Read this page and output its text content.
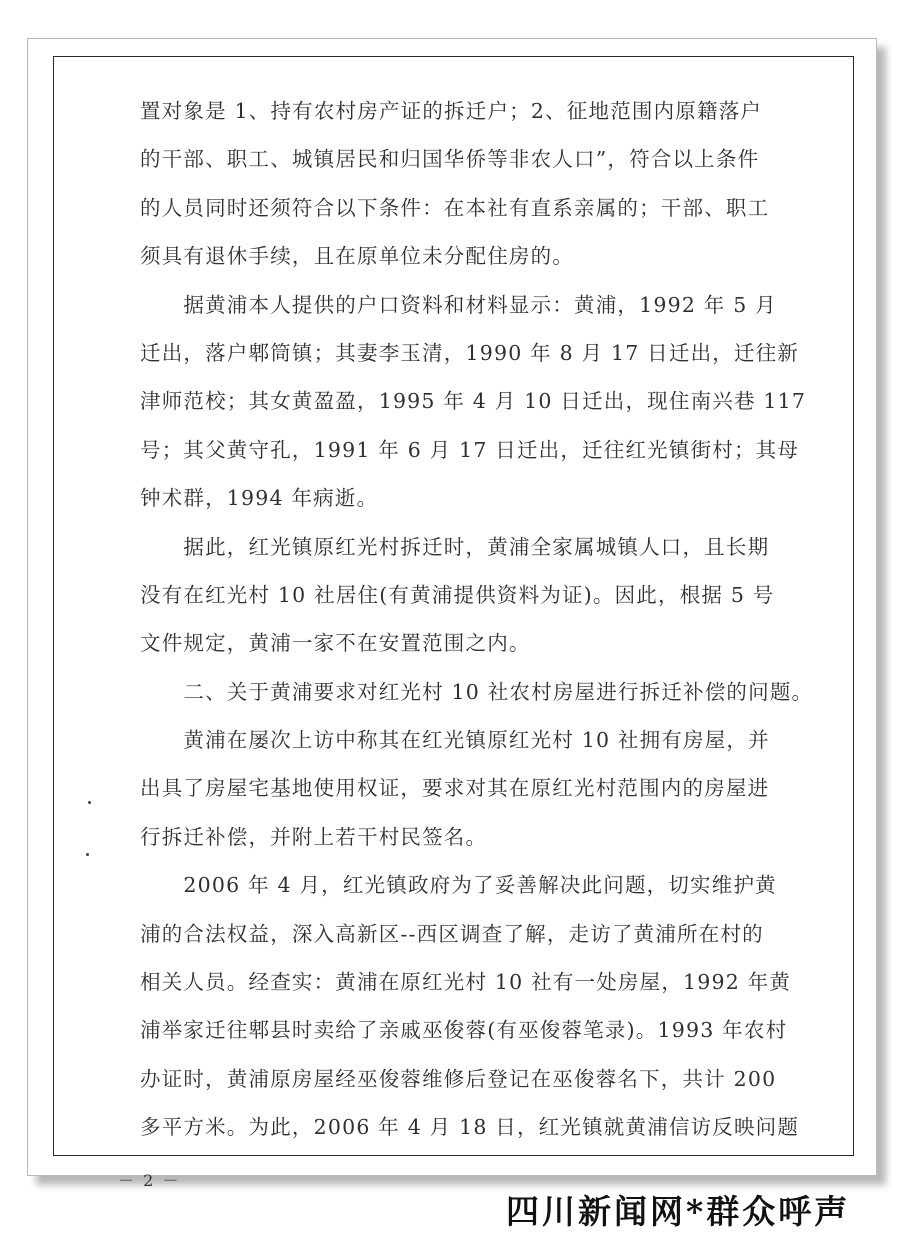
置对象是 1、持有农村房产证的拆迁户；2、征地范围内原籍落户
的干部、职工、城镇居民和归国华侨等非农人口”，符合以上条件
的人员同时还须符合以下条件：在本社有直系亲属的；干部、职工
须具有退休手续，且在原单位未分配住房的。
　　据黄浦本人提供的户口资料和材料显示：黄浦，1992 年 5 月
迁出，落户郫筒镇；其妻李玉清，1990 年 8 月 17 日迁出，迁往新
津师范校；其女黄盈盈，1995 年 4 月 10 日迁出，现住南兴巷 117
号；其父黄守孔，1991 年 6 月 17 日迁出，迁往红光镇街村；其母
钟术群，1994 年病逝。
　　据此，红光镇原红光村拆迁时，黄浦全家属城镇人口，且长期
没有在红光村 10 社居住(有黄浦提供资料为证)。因此，根据 5 号
文件规定，黄浦一家不在安置范围之内。
　　二、关于黄浦要求对红光村 10 社农村房屋进行拆迁补偿的问题。
　　黄浦在屡次上访中称其在红光镇原红光村 10 社拥有房屋，并
出具了房屋宅基地使用权证，要求对其在原红光村范围内的房屋进
行拆迁补偿，并附上若干村民签名。
　　2006 年 4 月，红光镇政府为了妥善解决此问题，切实维护黄
浦的合法权益，深入高新区--西区调查了解，走访了黄浦所在村的
相关人员。经查实：黄浦在原红光村 10 社有一处房屋，1992 年黄
浦举家迁往郫县时卖给了亲戚巫俊蓉(有巫俊蓉笔录)。1993 年农村
办证时，黄浦原房屋经巫俊蓉维修后登记在巫俊蓉名下，共计 200
多平方米。为此，2006 年 4 月 18 日，红光镇就黄浦信访反映问题
－ 2 －
四川新闻网*群众呼声
